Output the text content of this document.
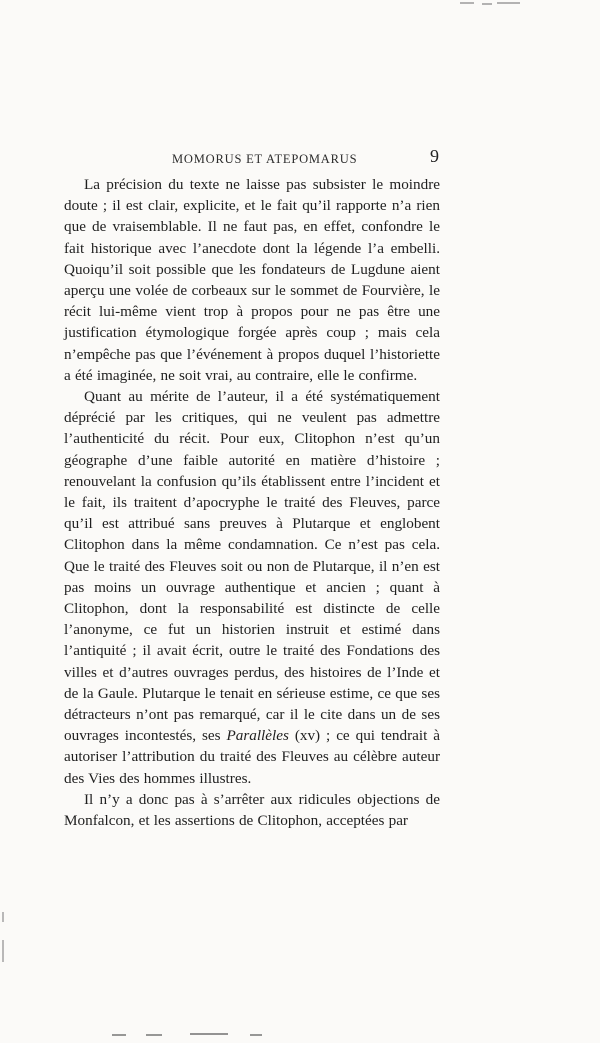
MOMORUS ET ATEPOMARUS	9

La précision du texte ne laisse pas subsister le moindre doute ; il est clair, explicite, et le fait qu’il rapporte n’a rien que de vraisemblable. Il ne faut pas, en effet, confondre le fait historique avec l’anecdote dont la légende l’a embelli. Quoiqu’il soit possible que les fondateurs de Lugdune aient aperçu une volée de corbeaux sur le sommet de Fourvière, le récit lui-même vient trop à propos pour ne pas être une justification étymologique forgée après coup ; mais cela n’empêche pas que l’événement à propos duquel l’historiette a été imaginée, ne soit vrai, au contraire, elle le confirme.

Quant au mérite de l’auteur, il a été systématiquement déprécié par les critiques, qui ne veulent pas admettre l’authenticité du récit. Pour eux, Clitophon n’est qu’un géographe d’une faible autorité en matière d’histoire ; renouvelant la confusion qu’ils établissent entre l’incident et le fait, ils traitent d’apocryphe le traité des Fleuves, parce qu’il est attribué sans preuves à Plutarque et englobent Clitophon dans la même condamnation. Ce n’est pas cela. Que le traité des Fleuves soit ou non de Plutarque, il n’en est pas moins un ouvrage authentique et ancien ; quant à Clitophon, dont la responsabilité est distincte de celle l’anonyme, ce fut un historien instruit et estimé dans l’antiquité ; il avait écrit, outre le traité des Fondations des villes et d’autres ouvrages perdus, des histoires de l’Inde et de la Gaule. Plutarque le tenait en sérieuse estime, ce que ses détracteurs n’ont pas remarqué, car il le cite dans un de ses ouvrages incontestés, ses Parallèles (xv) ; ce qui tendrait à autoriser l’attribution du traité des Fleuves au célèbre auteur des Vies des hommes illustres.

Il n’y a donc pas à s’arrêter aux ridicules objections de Monfalcon, et les assertions de Clitophon, acceptées par
